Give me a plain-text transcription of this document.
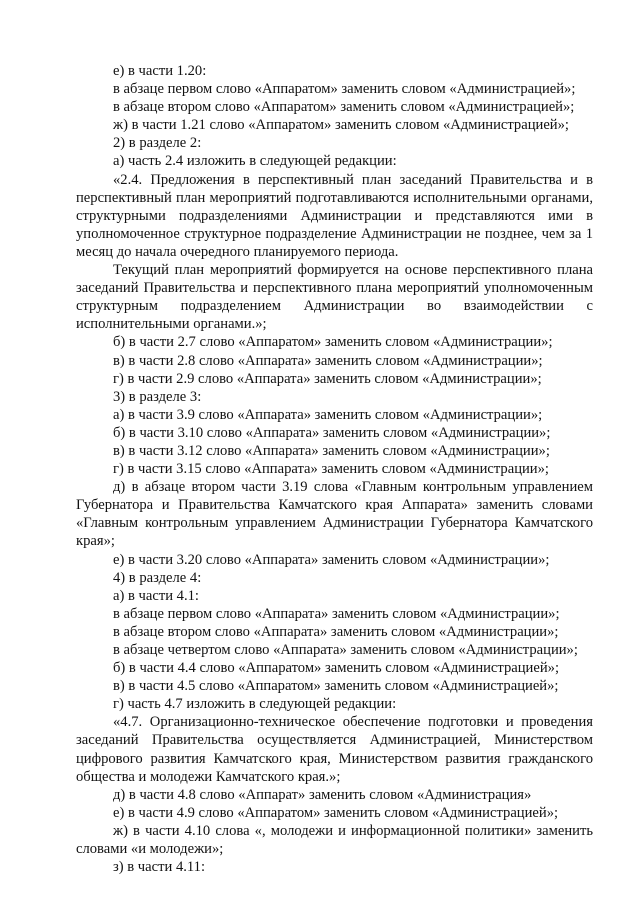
е) в части 1.20:

в абзаце первом слово «Аппаратом» заменить словом «Администрацией»;

в абзаце втором слово «Аппаратом» заменить словом «Администрацией»;

ж) в части 1.21 слово «Аппаратом» заменить словом «Администрацией»;

2) в разделе 2:

а) часть 2.4 изложить в следующей редакции:

«2.4. Предложения в перспективный план заседаний Правительства и в перспективный план мероприятий подготавливаются исполнительными органами, структурными подразделениями Администрации и представляются ими в уполномоченное структурное подразделение Администрации не позднее, чем за 1 месяц до начала очередного планируемого периода.

Текущий план мероприятий формируется на основе перспективного плана заседаний Правительства и перспективного плана мероприятий уполномоченным структурным подразделением Администрации во взаимодействии с исполнительными органами.»;

б) в части 2.7 слово «Аппаратом» заменить словом «Администрации»;

в) в части 2.8 слово «Аппарата» заменить словом «Администрации»;

г) в части 2.9 слово «Аппарата» заменить словом «Администрации»;

3) в разделе 3:

а) в части 3.9 слово «Аппарата» заменить словом «Администрации»;

б) в части 3.10 слово «Аппарата» заменить словом «Администрации»;

в) в части 3.12 слово «Аппарата» заменить словом «Администрации»;

г) в части 3.15 слово «Аппарата» заменить словом «Администрации»;

д) в абзаце втором части 3.19 слова «Главным контрольным управлением Губернатора и Правительства Камчатского края Аппарата» заменить словами «Главным контрольным управлением Администрации Губернатора Камчатского края»;

е) в части 3.20 слово «Аппарата» заменить словом «Администрации»;

4) в разделе 4:

а) в части 4.1:

в абзаце первом слово «Аппарата» заменить словом «Администрации»;

в абзаце втором слово «Аппарата» заменить словом «Администрации»;

в абзаце четвертом слово «Аппарата» заменить словом «Администрации»;

б) в части 4.4 слово «Аппаратом» заменить словом «Администрацией»;

в) в части 4.5 слово «Аппаратом» заменить словом «Администрацией»;

г) часть 4.7 изложить в следующей редакции:

«4.7. Организационно-техническое обеспечение подготовки и проведения заседаний Правительства осуществляется Администрацией, Министерством цифрового развития Камчатского края, Министерством развития гражданского общества и молодежи Камчатского края.»;

д) в части 4.8 слово «Аппарат» заменить словом «Администрация»

е) в части 4.9 слово «Аппаратом» заменить словом «Администрацией»;

ж) в части 4.10 слова «, молодежи и информационной политики» заменить словами «и молодежи»;

з) в части 4.11:
